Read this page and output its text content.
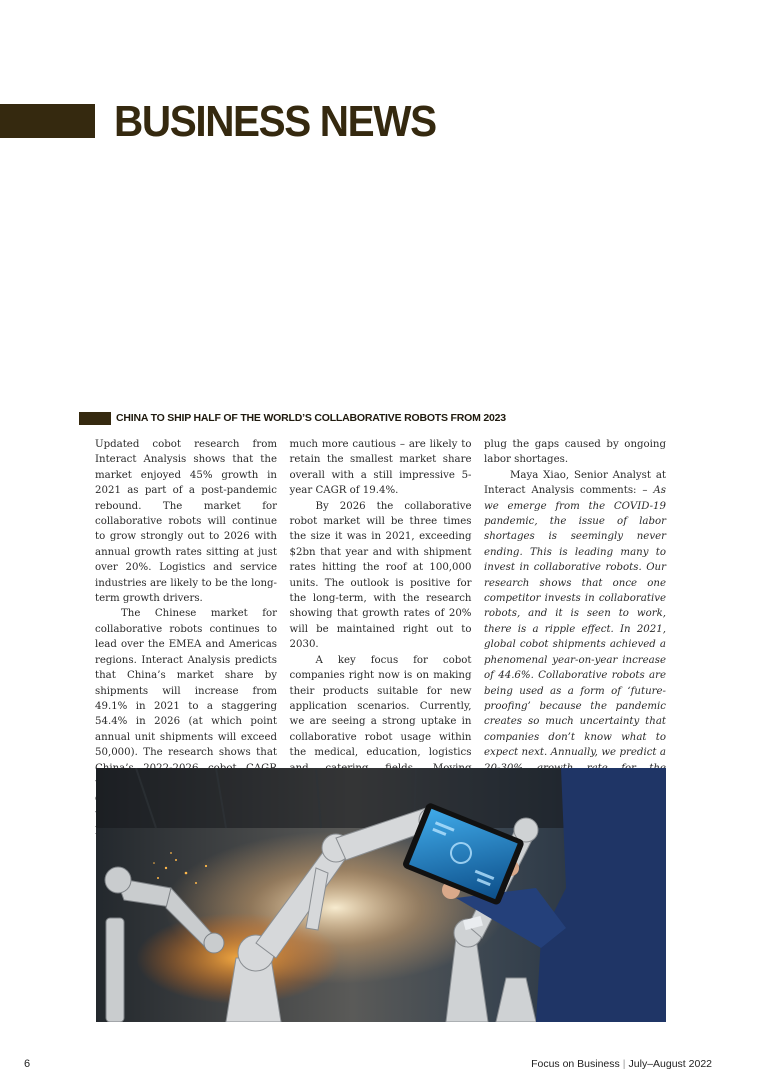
BUSINESS NEWS
CHINA TO SHIP HALF OF THE WORLD’S COLLABORATIVE ROBOTS FROM 2023

Updated cobot research from Interact Analysis shows that the market enjoyed 45% growth in 2021 as part of a post-pandemic rebound. The market for collaborative robots will continue to grow strongly out to 2026 with annual growth rates sitting at just over 20%. Logistics and service industries are likely to be the long-term growth drivers.

The Chinese market for collaborative robots continues to lead over the EMEA and Americas regions. Interact Analysis predicts that China’s market share by shipments will increase from 49.1% in 2021 to a staggering 54.4% in 2026 (at which point annual unit shipments will exceed 50,000). The research shows that

much more cautious – are likely to retain the smallest market share overall with a still impressive 5-year CAGR of 19.4%.

By 2026 the collaborative robot market will be three times the size it was in 2021, exceeding $2bn that year and with shipment rates hitting the roof at 100,000 units. The outlook is positive for the long-term, with the research showing that growth rates of 20% will be maintained right out to 2030.

A key focus for cobot companies right now is on making their products suitable for new application scenarios. Currently, we are seeing a strong uptake in collaborative robot usage within the medical, education, logistics

plug the gaps caused by ongoing labor shortages.

Maya Xiao, Senior Analyst at Interact Analysis comments: – As we emerge from the COVID-19 pandemic, the issue of labor shortages is seemingly never ending. This is leading many to invest in collaborative robots. Our research shows that once one competitor invests in collaborative robots, and it is seen to work, there is a ripple effect. In 2021, global cobot shipments achieved a phenomenal year-on-year increase of 44.6%. Collaborative robots are being used as a form of ‘future-proofing’ because the pandemic creates so much uncertainty that companies don’t know what to expect next. Annually, we predict a

6	Focus on Business | July–August 2022
